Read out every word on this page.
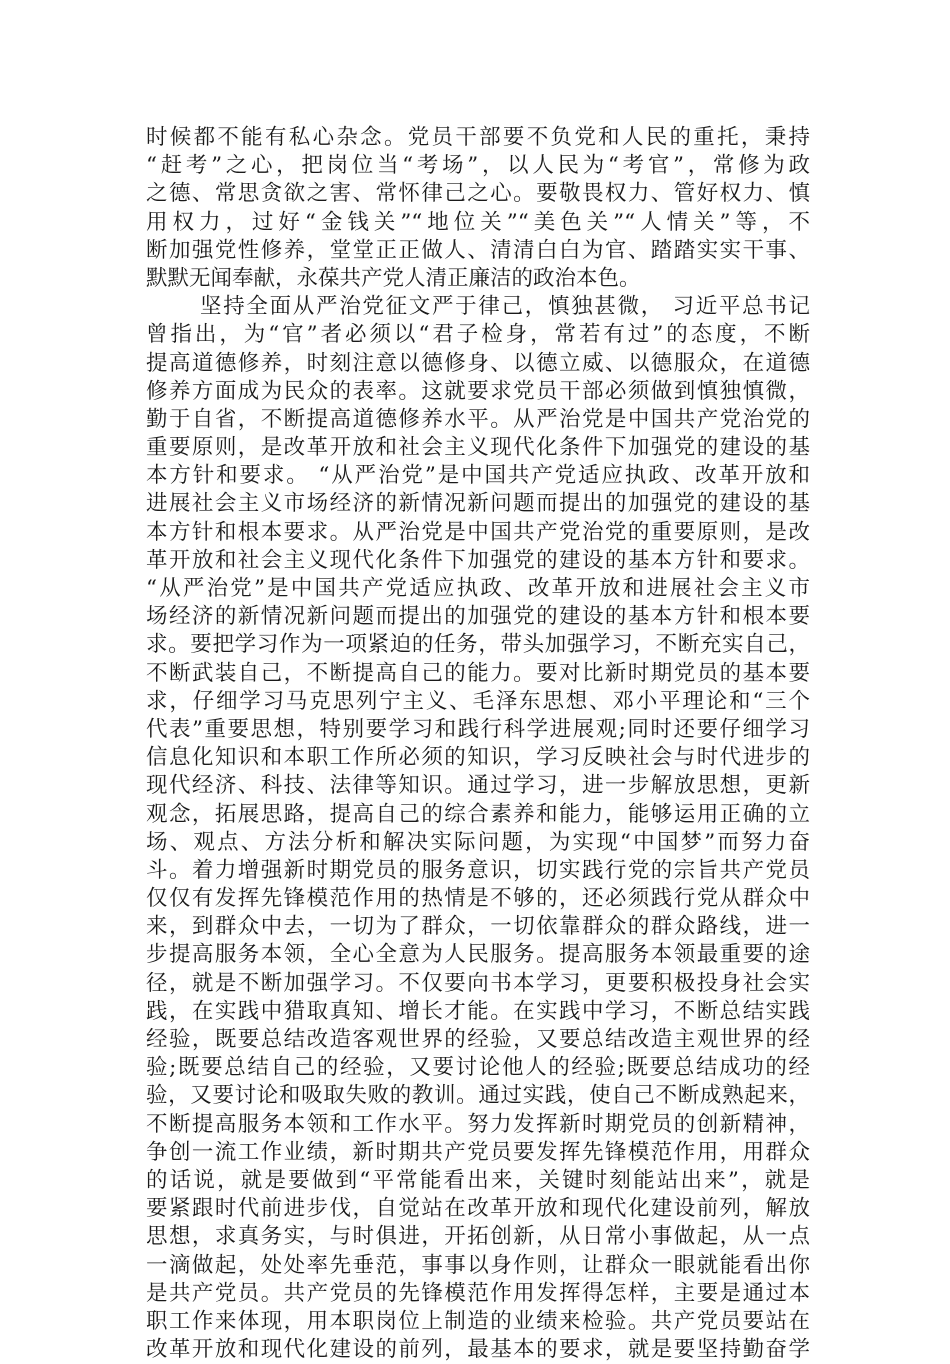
时候都不能有私心杂念。党员干部要不负党和人民的重托，秉持
“赶考”之心，把岗位当“考场”，以人民为“考官”，常修为政
之德、常思贪欲之害、常怀律己之心。要敬畏权力、管好权力、慎
用权力，过好“金钱关”“地位关”“美色关”“人情关”等，不
断加强党性修养，堂堂正正做人、清清白白为官、踏踏实实干事、
默默无闻奉献，永葆共产党人清正廉洁的政治本色。
坚持全面从严治党征文严于律己，慎独甚微， 习近平总书记
曾指出，为“官”者必须以“君子检身，常若有过”的态度，不断
提高道德修养，时刻注意以德修身、以德立威、以德服众，在道德
修养方面成为民众的表率。这就要求党员干部必须做到慎独慎微，
勤于自省，不断提高道德修养水平。从严治党是中国共产党治党的
重要原则，是改革开放和社会主义现代化条件下加强党的建设的基
本方针和要求。 “从严治党”是中国共产党适应执政、改革开放和
进展社会主义市场经济的新情况新问题而提出的加强党的建设的基
本方针和根本要求。从严治党是中国共产党治党的重要原则，是改
革开放和社会主义现代化条件下加强党的建设的基本方针和要求。
“从严治党”是中国共产党适应执政、改革开放和进展社会主义市
场经济的新情况新问题而提出的加强党的建设的基本方针和根本要
求。要把学习作为一项紧迫的任务，带头加强学习，不断充实自己，
不断武装自己，不断提高自己的能力。要对比新时期党员的基本要
求，仔细学习马克思列宁主义、毛泽东思想、邓小平理论和“三个
代表”重要思想，特别要学习和践行科学进展观;同时还要仔细学习
信息化知识和本职工作所必须的知识，学习反映社会与时代进步的
现代经济、科技、法律等知识。通过学习，进一步解放思想，更新
观念，拓展思路，提高自己的综合素养和能力，能够运用正确的立
场、观点、方法分析和解决实际问题，为实现“中国梦”而努力奋
斗。着力增强新时期党员的服务意识，切实践行党的宗旨共产党员
仅仅有发挥先锋模范作用的热情是不够的，还必须践行党从群众中
来，到群众中去，一切为了群众，一切依靠群众的群众路线，进一
步提高服务本领，全心全意为人民服务。提高服务本领最重要的途
径，就是不断加强学习。不仅要向书本学习，更要积极投身社会实
践，在实践中猎取真知、增长才能。在实践中学习，不断总结实践
经验，既要总结改造客观世界的经验，又要总结改造主观世界的经
验;既要总结自己的经验，又要讨论他人的经验;既要总结成功的经
验，又要讨论和吸取失败的教训。通过实践，使自己不断成熟起来，
不断提高服务本领和工作水平。努力发挥新时期党员的创新精神，
争创一流工作业绩，新时期共产党员要发挥先锋模范作用，用群众
的话说，就是要做到“平常能看出来，关键时刻能站出来”，就是
要紧跟时代前进步伐，自觉站在改革开放和现代化建设前列，解放
思想，求真务实，与时俱进，开拓创新，从日常小事做起，从一点
一滴做起，处处率先垂范，事事以身作则，让群众一眼就能看出你
是共产党员。共产党员的先锋模范作用发挥得怎样，主要是通过本
职工作来体现，用本职岗位上制造的业绩来检验。共产党员要站在
改革开放和现代化建设的前列，最基本的要求，就是要坚持勤奋学
